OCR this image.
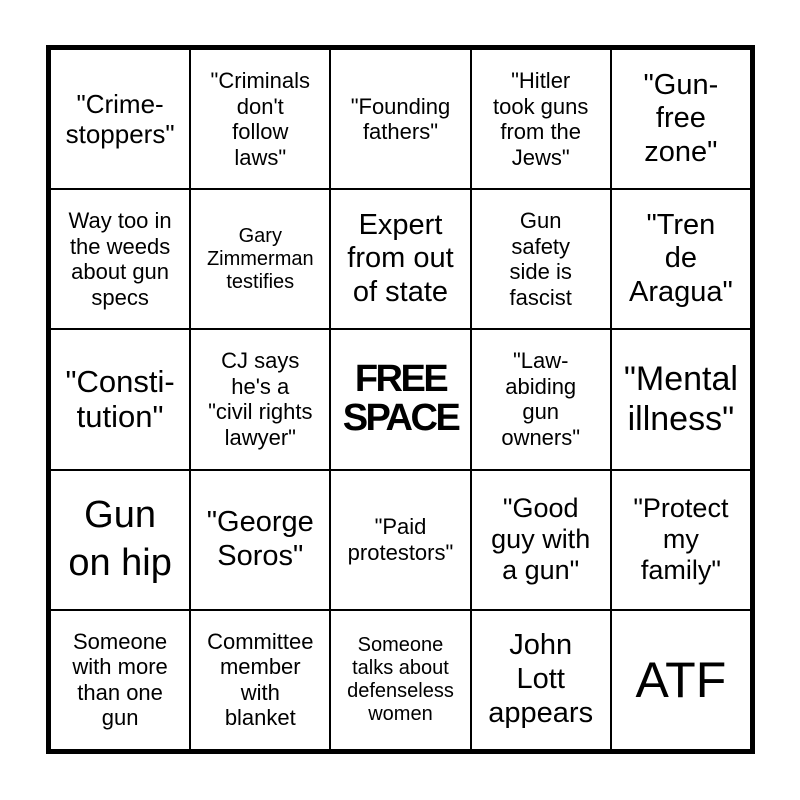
"Crime-
stoppers"
"Criminals
don't
follow
laws"
"Founding
fathers"
"Hitler
took guns
from the
Jews"
"Gun-
free
zone"
Way too in
the weeds
about gun
specs
Gary
Zimmerman
testifies
Expert
from out
of state
Gun
safety
side is
fascist
"Tren
de
Aragua"
"Consti-
tution"
CJ says
he's a
"civil rights
lawyer"
FREE
SPACE
"Law-
abiding
gun
owners"
"Mental
illness"
Gun
on hip
"George
Soros"
"Paid
protestors"
"Good
guy with
a gun"
"Protect
my
family"
Someone
with more
than one
gun
Committee
member
with
blanket
Someone
talks about
defenseless
women
John
Lott
appears
ATF
